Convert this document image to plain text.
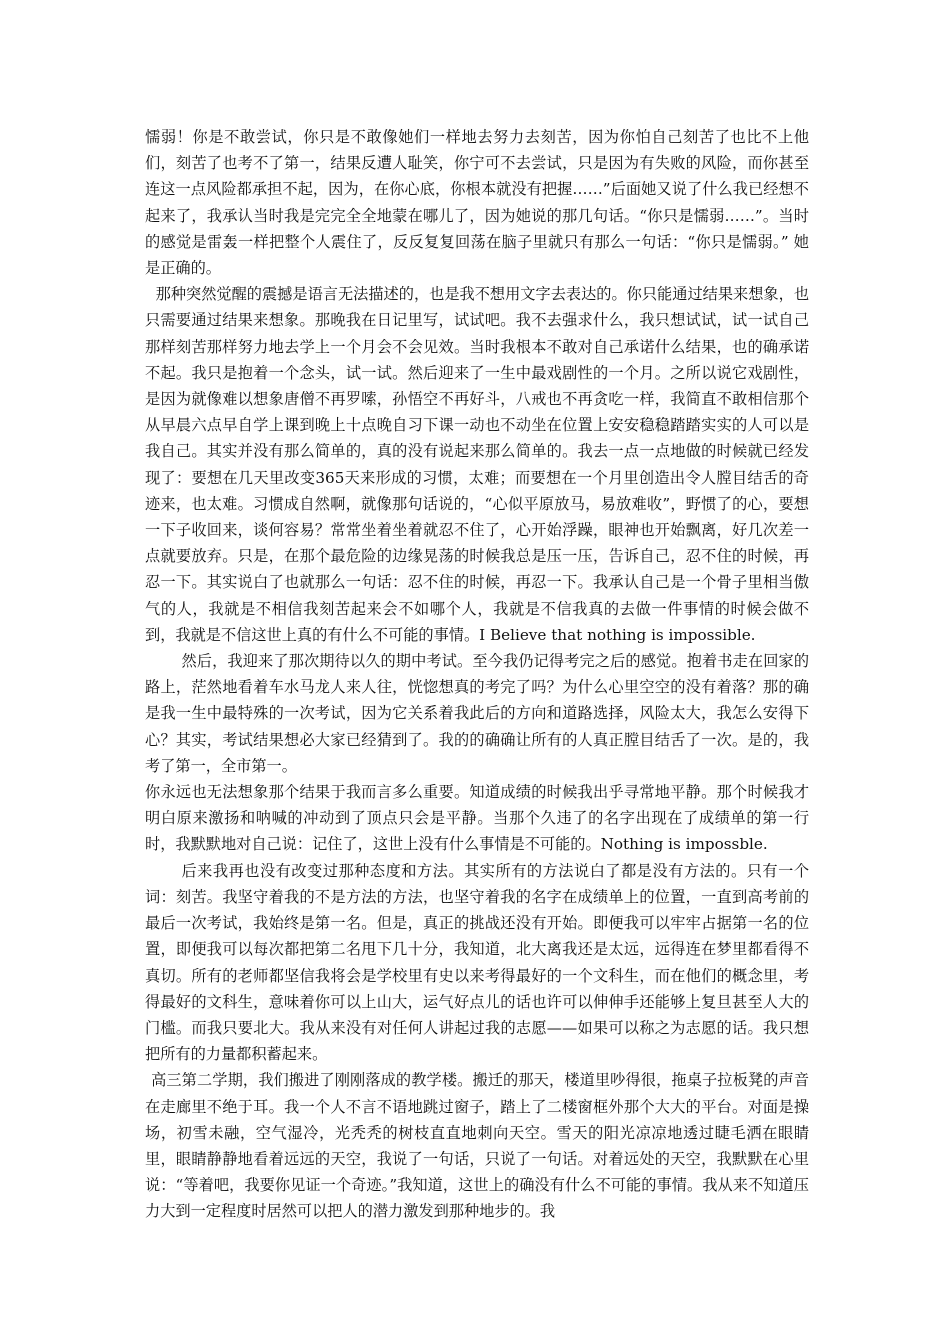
懦弱！你是不敢尝试，你只是不敢像她们一样地去努力去刻苦，因为你怕自己刻苦了也比不上他们，刻苦了也考不了第一，结果反遭人耻笑，你宁可不去尝试，只是因为有失败的风险，而你甚至连这一点风险都承担不起，因为，在你心底，你根本就没有把握……”后面她又说了什么我已经想不起来了，我承认当时我是完完全全地蒙在哪儿了，因为她说的那几句话。“你只是懦弱……”。当时的感觉是雷轰一样把整个人震住了，反反复复回荡在脑子里就只有那么一句话：“你只是懦弱。” 她是正确的。

那种突然觉醒的震撼是语言无法描述的，也是我不想用文字去表达的。你只能通过结果来想象，也只需要通过结果来想象。那晚我在日记里写，试试吧。我不去强求什么，我只想试试，试一试自己那样刻苦那样努力地去学上一个月会不会见效。当时我根本不敢对自己承诺什么结果，也的确承诺不起。我只是抱着一个念头，试一试。然后迎来了一生中最戏剧性的一个月。之所以说它戏剧性，是因为就像难以想象唐僧不再罗嗦，孙悟空不再好斗，八戒也不再贪吃一样，我简直不敢相信那个从早晨六点早自学上课到晚上十点晚自习下课一动也不动坐在位置上安安稳稳踏踏实实的人可以是我自己。其实并没有那么简单的，真的没有说起来那么简单的。我去一点一点地做的时候就已经发现了：要想在几天里改变365天来形成的习惯，太难；而要想在一个月里创造出令人膛目结舌的奇迹来，也太难。习惯成自然啊，就像那句话说的，“心似平原放马，易放难收”，野惯了的心，要想一下子收回来，谈何容易？常常坐着坐着就忍不住了，心开始浮躁，眼神也开始飘离，好几次差一点就要放弃。只是，在那个最危险的边缘晃荡的时候我总是压一压，告诉自己，忍不住的时候，再忍一下。其实说白了也就那么一句话：忍不住的时候，再忍一下。我承认自己是一个骨子里相当傲气的人，我就是不相信我刻苦起来会不如哪个人，我就是不信我真的去做一件事情的时候会做不到，我就是不信这世上真的有什么不可能的事情。I Believe that nothing is impossible.

然后，我迎来了那次期待以久的期中考试。至今我仍记得考完之后的感觉。抱着书走在回家的路上，茫然地看着车水马龙人来人往，恍惚想真的考完了吗？为什么心里空空的没有着落？那的确是我一生中最特殊的一次考试，因为它关系着我此后的方向和道路选择，风险太大，我怎么安得下心？其实，考试结果想必大家已经猜到了。我的的确确让所有的人真正膛目结舌了一次。是的，我考了第一，全市第一。

你永远也无法想象那个结果于我而言多么重要。知道成绩的时候我出乎寻常地平静。那个时候我才明白原来激扬和呐喊的冲动到了顶点只会是平静。当那个久违了的名字出现在了成绩单的第一行时，我默默地对自己说：记住了，这世上没有什么事情是不可能的。Nothing is impossble.

后来我再也没有改变过那种态度和方法。其实所有的方法说白了都是没有方法的。只有一个词：刻苦。我坚守着我的不是方法的方法，也坚守着我的名字在成绩单上的位置，一直到高考前的最后一次考试，我始终是第一名。但是，真正的挑战还没有开始。即便我可以牢牢占据第一名的位置，即便我可以每次都把第二名甩下几十分，我知道，北大离我还是太远，远得连在梦里都看得不真切。所有的老师都坚信我将会是学校里有史以来考得最好的一个文科生，而在他们的概念里，考得最好的文科生，意味着你可以上山大，运气好点儿的话也许可以伸伸手还能够上复旦甚至人大的门槛。而我只要北大。我从来没有对任何人讲起过我的志愿——如果可以称之为志愿的话。我只想把所有的力量都积蓄起来。

高三第二学期，我们搬进了刚刚落成的教学楼。搬迁的那天，楼道里吵得很，拖桌子拉板凳的声音在走廊里不绝于耳。我一个人不言不语地跳过窗子，踏上了二楼窗框外那个大大的平台。对面是操场，初雪未融，空气湿冷，光秃秃的树枝直直地刺向天空。雪天的阳光凉凉地透过睫毛洒在眼睛里，眼睛静静地看着远远的天空，我说了一句话，只说了一句话。对着远处的天空，我默默在心里说：“等着吧，我要你见证一个奇迹。”我知道，这世上的确没有什么不可能的事情。我从来不知道压力大到一定程度时居然可以把人的潜力激发到那种地步的。我
